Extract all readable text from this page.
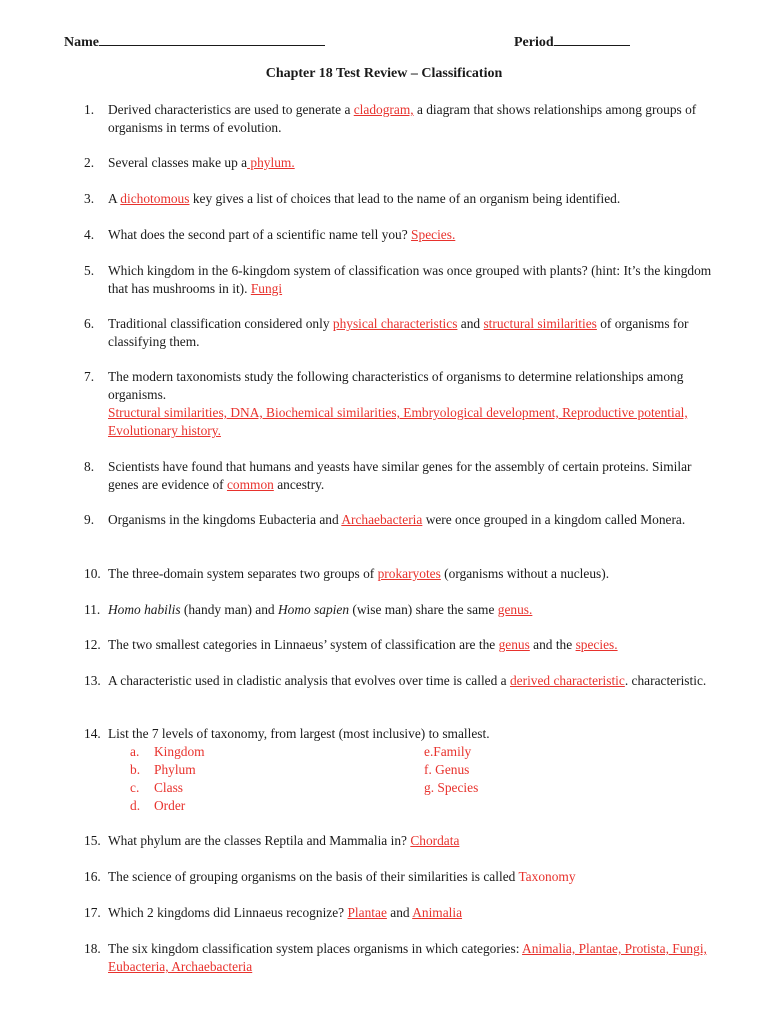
Name	Period
Chapter 18 Test Review – Classification
1.	Derived characteristics are used to generate a cladogram, a diagram that shows relationships among groups of organisms in terms of evolution.
2.	Several classes make up a phylum.
3.	A dichotomous key gives a list of choices that lead to the name of an organism being identified.
4.	What does the second part of a scientific name tell you? Species.
5.	Which kingdom in the 6-kingdom system of classification was once grouped with plants? (hint: It’s the kingdom that has mushrooms in it). Fungi
6.	Traditional classification considered only physical characteristics and structural similarities of organisms for classifying them.
7.	The modern taxonomists study the following characteristics of organisms to determine relationships among organisms.
Structural similarities, DNA, Biochemical similarities, Embryological development, Reproductive potential, Evolutionary history.
8.	Scientists have found that humans and yeasts have similar genes for the assembly of certain proteins. Similar genes are evidence of common ancestry.
9.	Organisms in the kingdoms Eubacteria and Archaebacteria were once grouped in a kingdom called Monera.
10. The three-domain system separates two groups of prokaryotes (organisms without a nucleus).
11. Homo habilis (handy man) and Homo sapien (wise man) share the same genus.
12. The two smallest categories in Linnaeus’ system of classification are the genus and the species.
13. A characteristic used in cladistic analysis that evolves over time is called a derived characteristic. characteristic.
14. List the 7 levels of taxonomy, from largest (most inclusive) to smallest.
a. Kingdom
b. Phylum
c. Class
d. Order
e.Family
f. Genus
g. Species
15. What phylum are the classes Reptila and Mammalia in? Chordata
16. The science of grouping organisms on the basis of their similarities is called Taxonomy
17. Which 2 kingdoms did Linnaeus recognize? Plantae and Animalia
18. The six kingdom classification system places organisms in which categories: Animalia, Plantae, Protista, Fungi, Eubacteria, Archaebacteria
